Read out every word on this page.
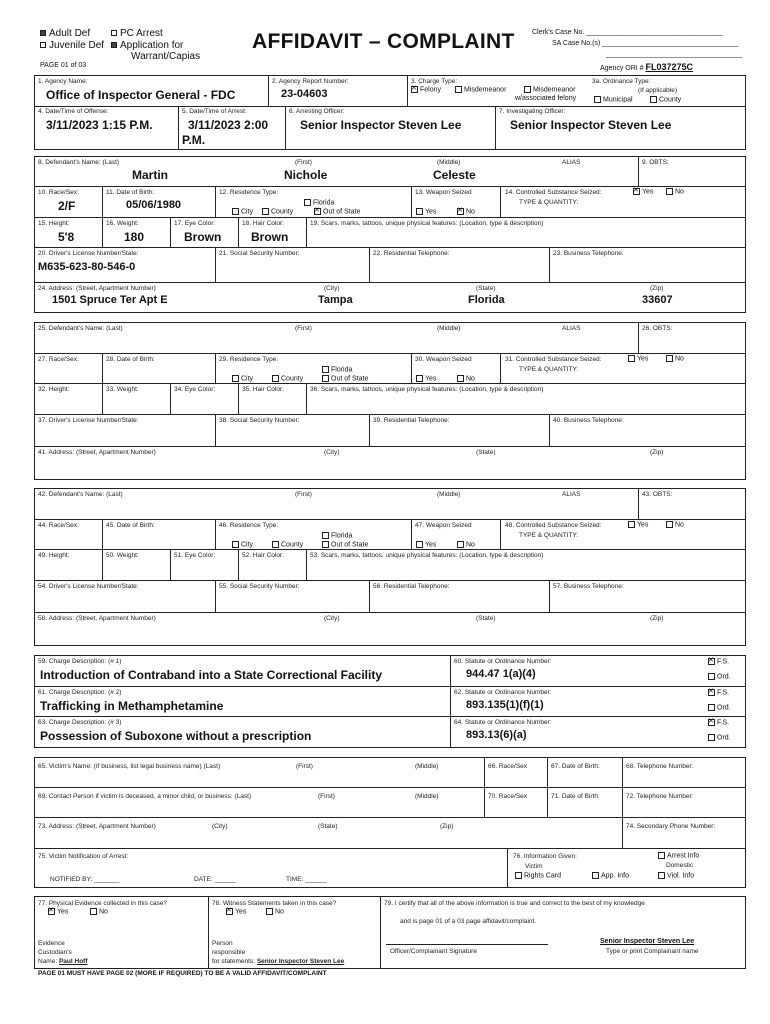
Adult Def
Juvenile Def
PC Arrest
Application for
Warrant/Capias
AFFIDAVIT – COMPLAINT Clerk's Case No. ___________________________________
SA Case No.(s) ___________________________________
___________________________________
PAGE 01 of 03	Agency ORI # FL037275C
1. Agency Name:
Office of Inspector General - FDC
2. Agency Report Number:
23-04603
3. Charge Type:
✕Felony	Misdemeanor	Misdemeanor
w/associated felony
3a. Ordinance Type:
(If applicable)
Municipal	County
4. Date/Time of Offense:
3/11/2023 1:15 P.M.
5. Date/Time of Arrest:
3/11/2023 2:00
P.M.
6. Arresting Officer:
Senior Inspector Steven Lee
7. Investigating Officer:
Senior Inspector Steven Lee
8. Defendant's Name: (Last)	(First)	(Middle)	ALIAS	9. OBTS:
Martin	Nichole	Celeste
10. Race/Sex:
2/F
11. Date of Birth:
05/06/1980
12. Residence Type:
Florida
City	County ✕	Out of State
13. Weapon Seized
Yes ✕	No
14. Controlled Substance Seized: ✕	Yes	No
TYPE & QUANTITY:
15. Height:
5'8
16. Weight:
180
17. Eye Color:
Brown
18. Hair Color:
Brown
19. Scars, marks, tattoos, unique physical features: (Location, type & description)
20. Driver's License Number/State:
M635-623-80-546-0
21. Social Security Number:	22. Residential Telephone:	23. Business Telephone:
24. Address: (Street, Apartment Number)	(City)	(State)	(Zip)
1501 Spruce Ter Apt E	Tampa	Florida	33607
25. Defendant's Name: (Last)	(First)	(Middle)	ALIAS	26. OBTS:
27. Race/Sex:	28. Date of Birth:	29. Residence Type:
Florida
City	County	Out of State
30. Weapon Seized
Yes	No
31. Controlled Substance Seized:	Yes	No
TYPE & QUANTITY:
32. Height:	33. Weight:	34. Eye Color:	35. Hair Color:	36. Scars, marks, tattoos, unique physical features: (Location, type & description)
37. Driver's License Number/State:	38. Social Security Number:	39. Residential Telephone:	40. Business Telephone:
41. Address: (Street, Apartment Number)	(City)	(State)	(Zip)
42. Defendant's Name: (Last)	(First)	(Middle)	ALIAS	43. OBTS:
44. Race/Sex:	45. Date of Birth:	46. Residence Type:
Florida
City	County	Out of State
47. Weapon Seized
Yes	No
48. Controlled Substance Seized:	Yes	No
TYPE & QUANTITY:
49. Height:	50. Weight:	51. Eye Color:	52. Hair Color:	53. Scars, marks, tattoos, unique physical features: (Location, type & description)
54. Driver's License Number/State:	55. Social Security Number:	56. Residential Telephone:	57. Business Telephone:
58. Address: (Street, Apartment Number)	(City)	(State)	(Zip)
59. Charge Description: (# 1)
Introduction of Contraband into a State Correctional Facility
60. Statute or Ordinance Number:
944.47 1(a)(4)
✕F.S.
Ord.
61. Charge Description: (# 2)
Trafficking in Methamphetamine
62. Statute or Ordinance Number:
893.135(1)(f)(1)
✕F.S.
Ord.
63. Charge Description: (# 3)
Possession of Suboxone without a prescription
64. Statute or Ordinance Number:
893.13(6)(a)
✕F.S.
Ord.
65. Victim's Name: (If business, list legal business name) (Last)	(First)	(Middle)	66. Race/Sex	67. Date of Birth:	68. Telephone Number:
69. Contact Person if victim is deceased, a minor child, or business: (Last)	(First)	(Middle)	70. Race/Sex	71. Date of Birth:	72. Telephone Number:
73. Address: (Street, Apartment Number)	(City)	(State)	(Zip)	74. Secondary Phone Number:
75. Victim Notification of Arrest:
NOTIFIED BY: _______	DATE: ______	TIME: ______
76. Information Given:
Victim
Rights Card	App. Info
Arrest Info
Domestic
Viol. Info
77. Physical Evidence collected in this case?
✕Yes	No
Evidence
Custodian's
Name: Paul Hoff
78. Witness Statements taken in this case?
✕Yes	No
Person
responsible
for statements: Senior Inspector Steven Lee
79. I certify that all of the above information is true and correct to the best of my knowledge
and is page 01 of a 03 page affidavit/complaint.
Officer/Complainant Signature
Senior Inspector Steven Lee
Type or print Complainant name
PAGE 01 MUST HAVE PAGE 02 (MORE IF REQUIRED) TO BE A VALID AFFIDAVIT/COMPLAINT
